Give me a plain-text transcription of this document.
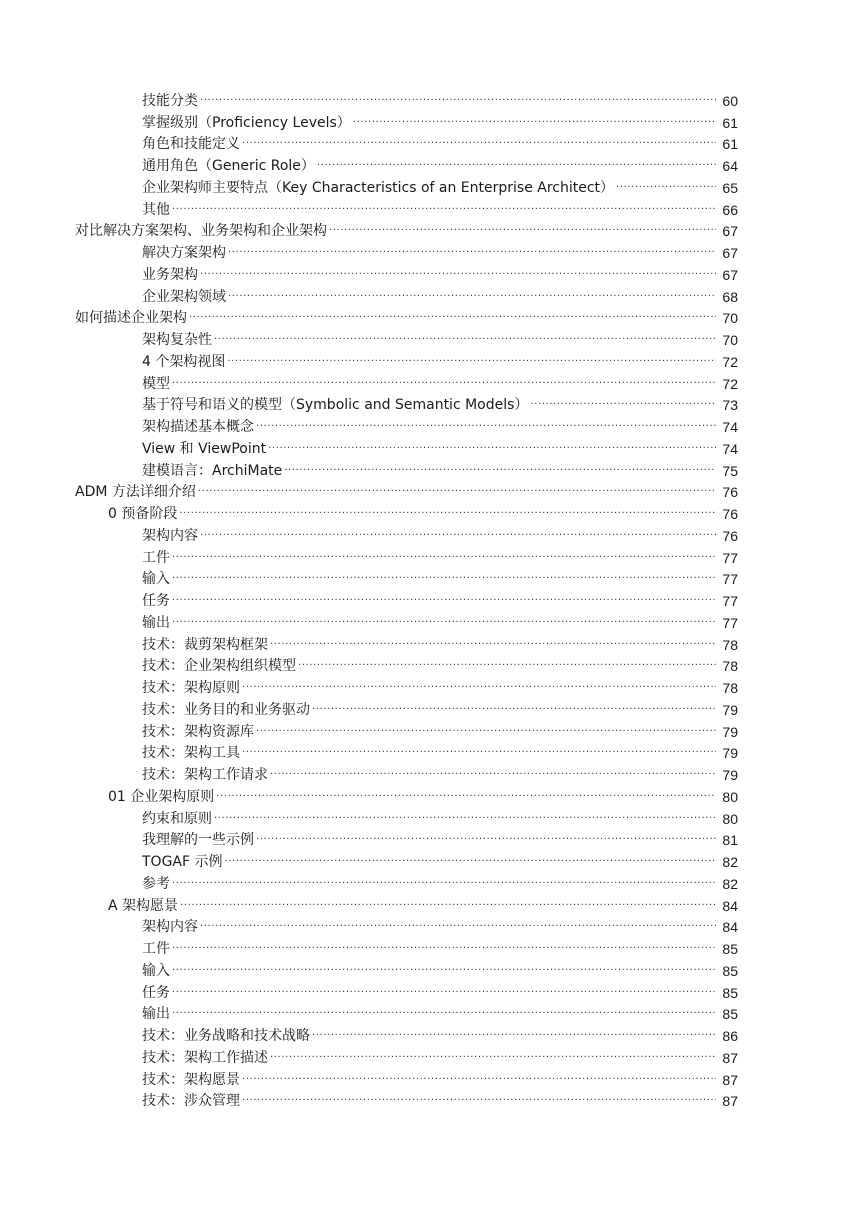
技能分类 .....	60
掌握级别（Proficiency Levels） .....	61
角色和技能定义 .....	61
通用角色（Generic Role） .....	64
企业架构师主要特点（Key Characteristics of an Enterprise Architect） .....	65
其他 .....	66
对比解决方案架构、业务架构和企业架构 .....	67
解决方案架构 .....	67
业务架构 .....	67
企业架构领域 .....	68
如何描述企业架构 .....	70
架构复杂性 .....	70
4 个架构视图 .....	72
模型 .....	72
基于符号和语义的模型（Symbolic and Semantic Models） .....	73
架构描述基本概念 .....	74
View 和 ViewPoint .....	74
建模语言：ArchiMate .....	75
ADM 方法详细介绍 .....	76
0 预备阶段 .....	76
架构内容 .....	76
工件 .....	77
输入 .....	77
任务 .....	77
输出 .....	77
技术：裁剪架构框架 .....	78
技术：企业架构组织模型 .....	78
技术：架构原则 .....	78
技术：业务目的和业务驱动 .....	79
技术：架构资源库 .....	79
技术：架构工具 .....	79
技术：架构工作请求 .....	79
01 企业架构原则 .....	80
约束和原则 .....	80
我理解的一些示例 .....	81
TOGAF 示例 .....	82
参考 .....	82
A 架构愿景 .....	84
架构内容 .....	84
工件 .....	85
输入 .....	85
任务 .....	85
输出 .....	85
技术：业务战略和技术战略 .....	86
技术：架构工作描述 .....	87
技术：架构愿景 .....	87
技术：涉众管理 .....	87
